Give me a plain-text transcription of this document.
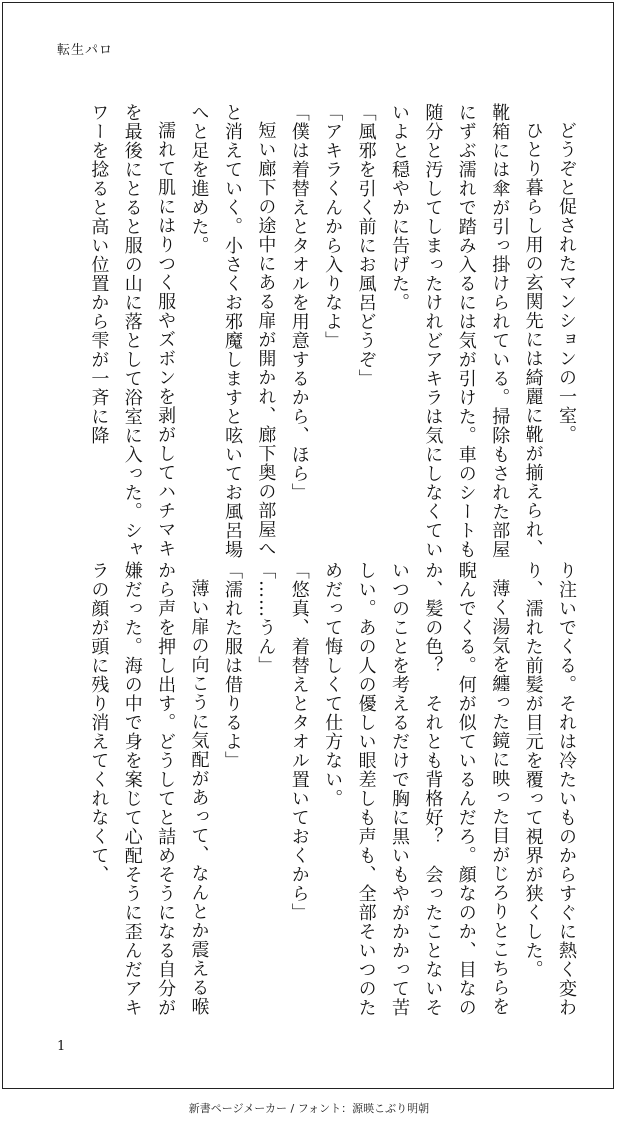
転生パロ

どうぞと促されたマンションの一室。

ひとり暮らし用の玄関先には綺麗に靴が揃えられ、靴箱には傘が引っ掛けられている。掃除もされた部屋にずぶ濡れで踏み入るには気が引けた。車のシートも随分と汚してしまったけれどアキラは気にしなくていいよと穏やかに告げた。

「風邪を引く前にお風呂どうぞ」

「アキラくんから入りなよ」

「僕は着替えとタオルを用意するから、ほら」

短い廊下の途中にある扉が開かれ、廊下奥の部屋へと消えていく。小さくお邪魔しますと呟いてお風呂場へと足を進めた。

濡れて肌にはりつく服やズボンを剥がしてハチマキを最後にとると服の山に落として浴室に入った。シャワーを捻ると高い位置から雫が一斉に降

り注いでくる。それは冷たいものからすぐに熱く変わり、濡れた前髪が目元を覆って視界が狭くした。

薄く湯気を纏った鏡に映った目がじろりとこちらを睨んでくる。何が似ているんだろ。顔なのか、目なのか、髪の色？　それとも背格好？　会ったことないそいつのことを考えるだけで胸に黒いもやがかかって苦しい。あの人の優しい眼差しも声も、全部そいつのためだって悔しくて仕方ない。

「悠真、着替えとタオル置いておくから」

「……うん」

「濡れた服は借りるよ」

薄い扉の向こうに気配があって、なんとか震える喉から声を押し出す。どうしてと詰めそうになる自分が嫌だった。海の中で身を案じて心配そうに歪んだアキラの顔が頭に残り消えてくれなくて、

1
新書ページメーカー / フォント：源暎こぶり明朝
